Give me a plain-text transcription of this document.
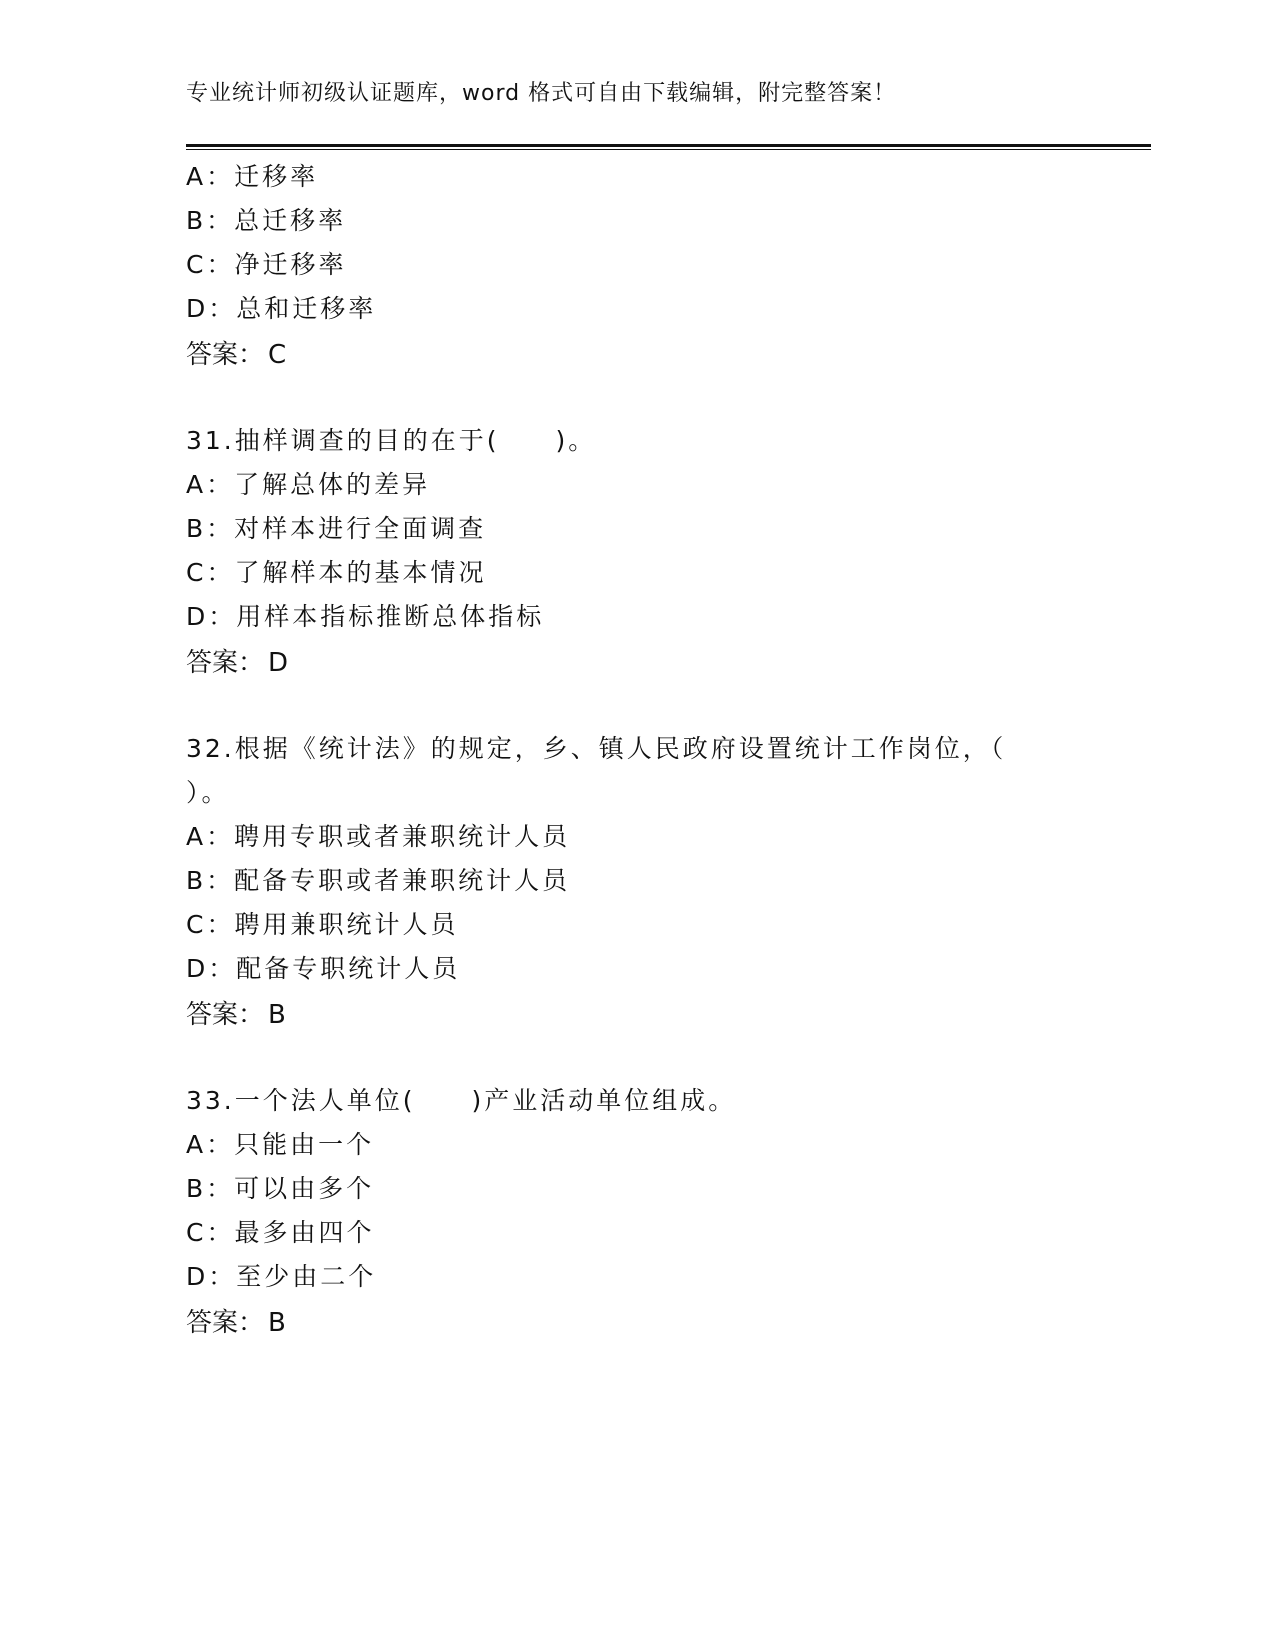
专业统计师初级认证题库，word 格式可自由下载编辑，附完整答案！
A：迁移率
B：总迁移率
C：净迁移率
D：总和迁移率
答案： C
31.抽样调查的目的在于(　　)。
A：了解总体的差异
B：对样本进行全面调查
C：了解样本的基本情况
D：用样本指标推断总体指标
答案： D
32.根据《统计法》的规定，乡、镇人民政府设置统计工作岗位，（
）。
A：聘用专职或者兼职统计人员
B：配备专职或者兼职统计人员
C：聘用兼职统计人员
D：配备专职统计人员
答案： B
33.一个法人单位(　　)产业活动单位组成。
A：只能由一个
B：可以由多个
C：最多由四个
D：至少由二个
答案： B
